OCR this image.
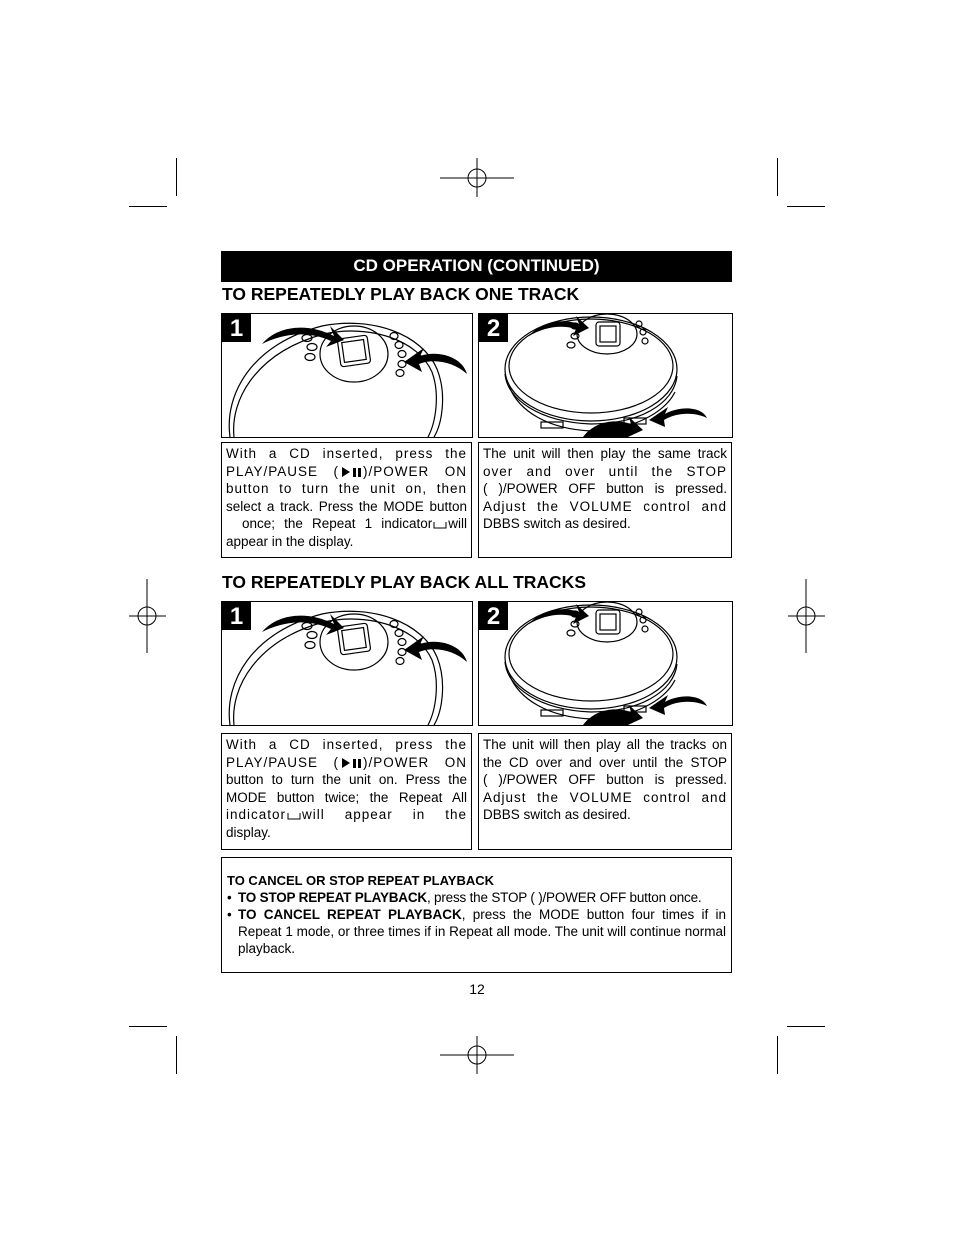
CD OPERATION (CONTINUED)
TO REPEATEDLY PLAY BACK ONE TRACK
1	2
With a CD inserted, press the
PLAY/PAUSE ( )/POWER ON
button to turn the unit on, then
select a track. Press the MODE button
once; the Repeat 1 indicator will
appear in the display.
The unit will then play the same track
over and over until the STOP
( )/POWER OFF button is pressed.
Adjust the VOLUME control and
DBBS switch as desired.
TO REPEATEDLY PLAY BACK ALL TRACKS
1	2
With a CD inserted, press the
PLAY/PAUSE ( )/POWER ON
button to turn the unit on. Press the
MODE button twice; the Repeat All
indicator will appear in the
display.
The unit will then play all the tracks on
the CD over and over until the STOP
( )/POWER OFF button is pressed.
Adjust the VOLUME control and
DBBS switch as desired.
TO CANCEL OR STOP REPEAT PLAYBACK
• TO STOP REPEAT PLAYBACK, press the STOP ( )/POWER OFF button once.
• TO CANCEL REPEAT PLAYBACK, press the MODE button four times if in Repeat 1 mode, or three times if in Repeat all mode. The unit will continue normal playback.
12
